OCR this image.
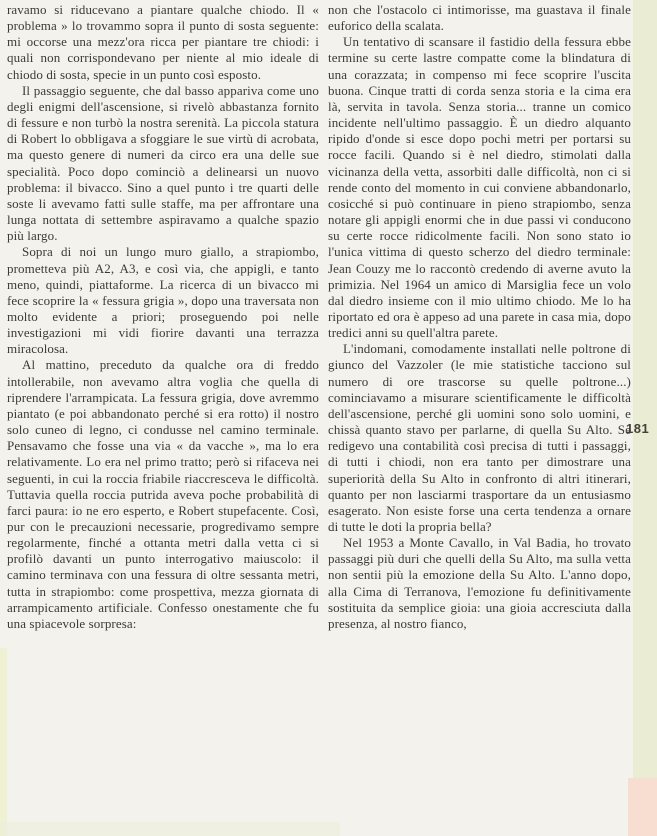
181

ravamo si riducevano a piantare qualche chiodo. Il « problema » lo trovammo sopra il punto di sosta seguente: mi occorse una mezz'ora ricca per piantare tre chiodi: i quali non corrispondevano per niente al mio ideale di chiodo di sosta, specie in un punto così esposto.

Il passaggio seguente, che dal basso appariva come uno degli enigmi dell'ascensione, si rivelò abbastanza fornito di fessure e non turbò la nostra serenità. La piccola statura di Robert lo obbligava a sfoggiare le sue virtù di acrobata, ma questo genere di numeri da circo era una delle sue specialità. Poco dopo cominciò a delinearsi un nuovo problema: il bivacco. Sino a quel punto i tre quarti delle soste li avevamo fatti sulle staffe, ma per affrontare una lunga nottata di settembre aspiravamo a qualche spazio più largo.

Sopra di noi un lungo muro giallo, a strapiombo, prometteva più A2, A3, e così via, che appigli, e tanto meno, quindi, piattaforme. La ricerca di un bivacco mi fece scoprire la « fessura grigia », dopo una traversata non molto evidente a priori; proseguendo poi nelle investigazioni mi vidi fiorire davanti una terrazza miracolosa.

Al mattino, preceduto da qualche ora di freddo intollerabile, non avevamo altra voglia che quella di riprendere l'arrampicata. La fessura grigia, dove avremmo piantato (e poi abbandonato perché si era rotto) il nostro solo cuneo di legno, ci condusse nel camino terminale. Pensavamo che fosse una via « da vacche », ma lo era relativamente. Lo era nel primo tratto; però si rifaceva nei seguenti, in cui la roccia friabile riaccresceva le difficoltà. Tuttavia quella roccia putrida aveva poche probabilità di farci paura: io ne ero esperto, e Robert stupefacente. Così, pur con le precauzioni necessarie, progredivamo sempre regolarmente, finché a ottanta metri dalla vetta ci si profilò davanti un punto interrogativo maiuscolo: il camino terminava con una fessura di oltre sessanta metri, tutta in strapiombo: come prospettiva, mezza giornata di arrampicamento artificiale. Confesso onestamente che fu una spiacevole sorpresa:

non che l'ostacolo ci intimorisse, ma guastava il finale euforico della scalata.

Un tentativo di scansare il fastidio della fessura ebbe termine su certe lastre compatte come la blindatura di una corazzata; in compenso mi fece scoprire l'uscita buona. Cinque tratti di corda senza storia e la cima era là, servita in tavola. Senza storia... tranne un comico incidente nell'ultimo passaggio. È un diedro alquanto ripido d'onde si esce dopo pochi metri per portarsi su rocce facili. Quando si è nel diedro, stimolati dalla vicinanza della vetta, assorbiti dalle difficoltà, non ci si rende conto del momento in cui conviene abbandonarlo, cosicché si può continuare in pieno strapiombo, senza notare gli appigli enormi che in due passi vi conducono su certe rocce ridicolmente facili. Non sono stato io l'unica vittima di questo scherzo del diedro terminale: Jean Couzy me lo raccontò credendo di averne avuto la primizia. Nel 1964 un amico di Marsiglia fece un volo dal diedro insieme con il mio ultimo chiodo. Me lo ha riportato ed ora è appeso ad una parete in casa mia, dopo tredici anni su quell'altra parete.

L'indomani, comodamente installati nelle poltrone di giunco del Vazzoler (le mie statistiche tacciono sul numero di ore trascorse su quelle poltrone...) cominciavamo a misurare scientificamente le difficoltà dell'ascensione, perché gli uomini sono solo uomini, e chissà quanto stavo per parlarne, di quella Su Alto. Se redigevo una contabilità così precisa di tutti i passaggi, di tutti i chiodi, non era tanto per dimostrare una superiorità della Su Alto in confronto di altri itinerari, quanto per non lasciarmi trasportare da un entusiasmo esagerato. Non esiste forse una certa tendenza a ornare di tutte le doti la propria bella?

Nel 1953 a Monte Cavallo, in Val Badia, ho trovato passaggi più duri che quelli della Su Alto, ma sulla vetta non sentii più la emozione della Su Alto. L'anno dopo, alla Cima di Terranova, l'emozione fu definitivamente sostituita da semplice gioia: una gioia accresciuta dalla presenza, al nostro fianco,
